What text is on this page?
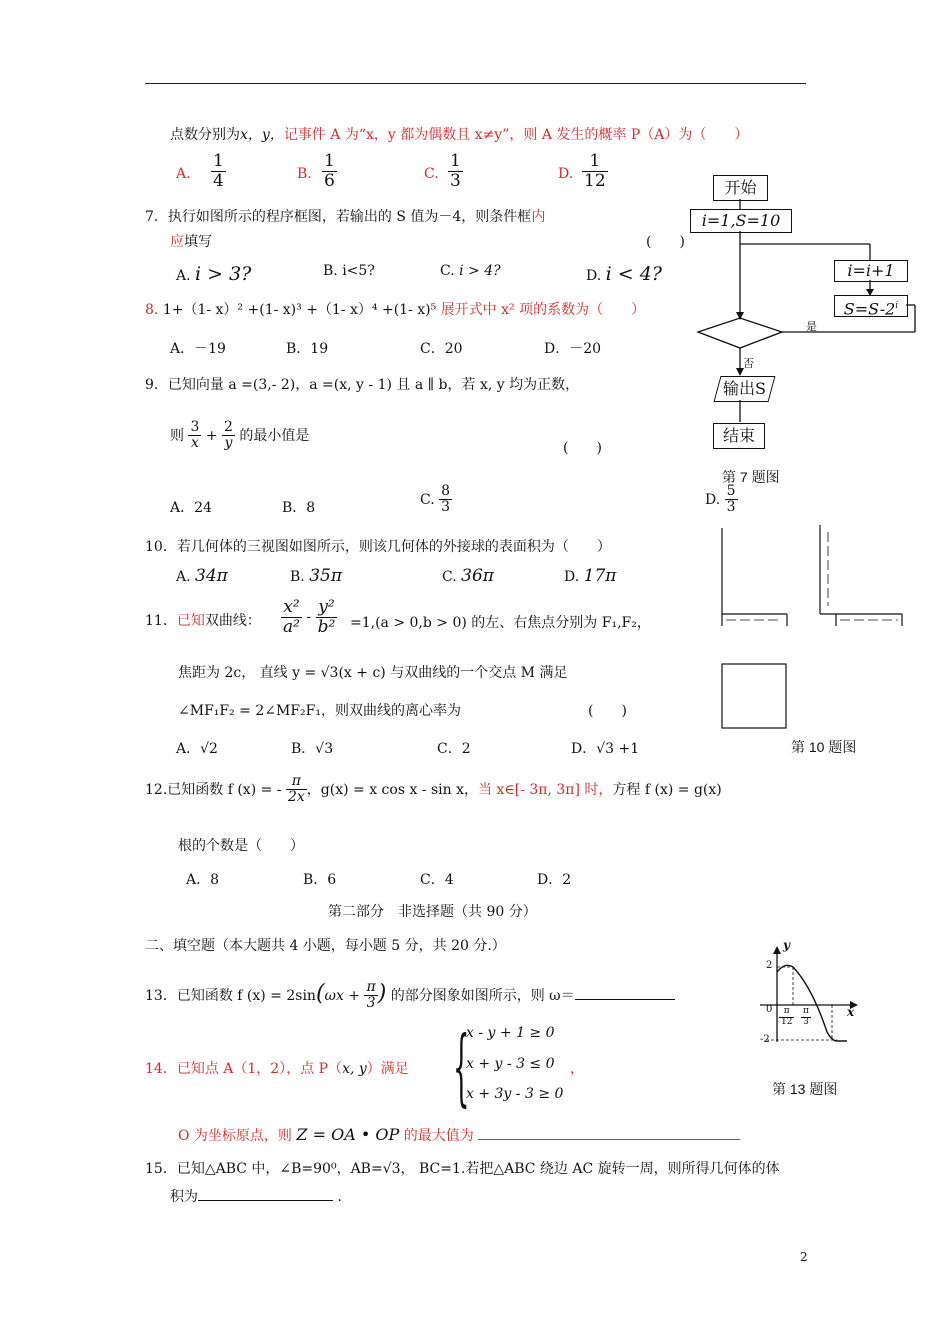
点数分别为x，y，记事件 A 为“x，y 都为偶数且 x≠y”，则 A 发生的概率 P（A）为（　　）
A. $\frac{1}{4}$	B. $\frac{1}{6}$	C. $\frac{1}{3}$	D. $\frac{1}{12}$
7．执行如图所示的程序框图，若输出的 S 值为－4，则条件框内
应填写	(　　)
A. i > 3?	B. i<5?	C. i > 4?	D. i < 4?
开始
i=1,S=10
i=i+1
$S=S-2^i$
输出S
结束
是
否
第 7 题图
8. 1+（1- x）² +(1- x)³ +（1- x）⁴ +(1- x)⁵ 展开式中 x² 项的系数为（　　）
A．－19	B．19	C．20	D．－20
9．已知向量 a =(3,- 2)，a =(x, y - 1) 且 a ∥ b，若 x, y 均为正数，
则 $\frac{3}{x} + \frac{2}{y}$ 的最小值是
(　　)
A．24	B．8
C. $\frac{8}{3}$	D. $\frac{5}{3}$
10．若几何体的三视图如图所示，则该几何体的外接球的表面积为（　　）
A. 34π	B. 35π	C. 36π	D. 17π
第 10 题图
11．已知双曲线： $\frac{\text{x²}}{\text{a²}} - \frac{\text{y²}}{\text{b²}} =1,(a > 0,b > 0)$ 的左、右焦点分别为 F₁,F₂，
焦距为 2c， 直线 y = √3(x + c) 与双曲线的一个交点 M 满足
∠MF₁F₂ = 2∠MF₂F₁，则双曲线的离心率为	(　　)
A．√2	B．√3	C．2	D．√3 +1
12.已知函数 f (x) = - $\frac{\pi}{2x}$ ，g(x) = x cos x - sin x，当 x∈[- 3π, 3π] 时，方程 f (x) = g(x)
根的个数是（　　）
A．8	B．6	C．4	D．2
第二部分　非选择题（共 90 分）
二、填空题（本大题共 4 小题，每小题 5 分，共 20 分.）
13．已知函数 f $(x) = 2\sin(\omega x + \frac{\pi}{3}$ ) 的部分图象如图所示，则 ω＝
y
x
0
2
-2
$\frac{\pi}{12} \frac{\pi}{3}$
第 13 题图
14．已知点 A（1，2），点 P（x, y）满足 {
x - y + 1 ≥ 0
x + y - 3 ≤ 0
x + 3y - 3 ≥ 0
，
O 为坐标原点，则 Z = OA • OP 的最大值为
15．已知△ABC 中，∠B=90⁰，AB=√3， BC=1.若把△ABC 绕边 AC 旋转一周，则所得几何体的体
积为	．
2
